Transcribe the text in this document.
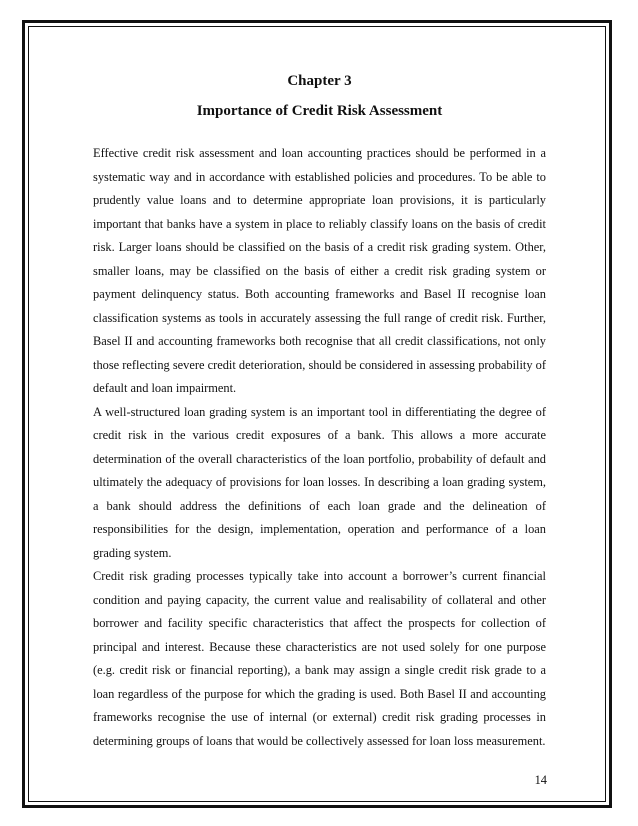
Chapter 3
Importance of Credit Risk Assessment

Effective credit risk assessment and loan accounting practices should be performed in a systematic way and in accordance with established policies and procedures. To be able to prudently value loans and to determine appropriate loan provisions, it is particularly important that banks have a system in place to reliably classify loans on the basis of credit risk. Larger loans should be classified on the basis of a credit risk grading system. Other, smaller loans, may be classified on the basis of either a credit risk grading system or payment delinquency status. Both accounting frameworks and Basel II recognise loan classification systems as tools in accurately assessing the full range of credit risk. Further, Basel II and accounting frameworks both recognise that all credit classifications, not only those reflecting severe credit deterioration, should be considered in assessing probability of default and loan impairment.

A well-structured loan grading system is an important tool in differentiating the degree of credit risk in the various credit exposures of a bank. This allows a more accurate determination of the overall characteristics of the loan portfolio, probability of default and ultimately the adequacy of provisions for loan losses. In describing a loan grading system, a bank should address the definitions of each loan grade and the delineation of responsibilities for the design, implementation, operation and performance of a loan grading system.

Credit risk grading processes typically take into account a borrower’s current financial condition and paying capacity, the current value and realisability of collateral and other borrower and facility specific characteristics that affect the prospects for collection of principal and interest. Because these characteristics are not used solely for one purpose (e.g. credit risk or financial reporting), a bank may assign a single credit risk grade to a loan regardless of the purpose for which the grading is used. Both Basel II and accounting frameworks recognise the use of internal (or external) credit risk grading processes in determining groups of loans that would be collectively assessed for loan loss measurement.

14
